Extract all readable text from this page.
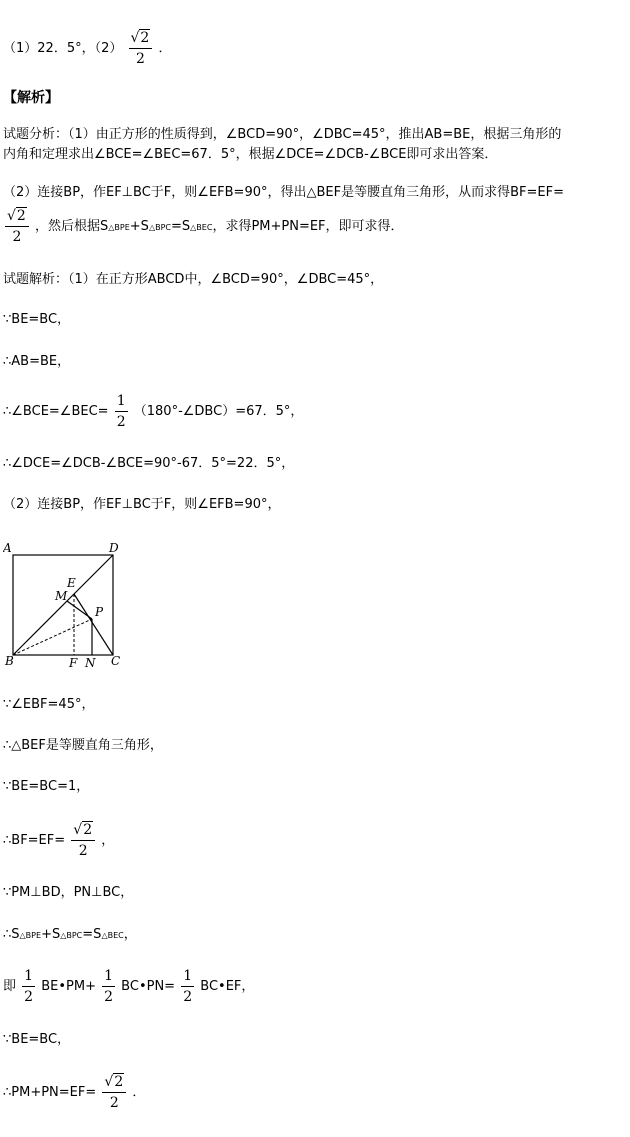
（1）22．5°，$(2) \frac{√2}{2}$ ．
【解析】
试题分析：（1）由正方形的性质得到，∠BCD=90°，∠DBC=45°，推出AB=BE，根据三角形的
内角和定理求出∠BCE=∠BEC=67．5°，根据∠DCE=∠DCB-∠BCE即可求出答案．
（2）连接BP，作EF⊥BC于F，则∠EFB=90°，得出△BEF是等腰直角三角形，从而求得BF=EF=
$\frac{√2}{2}$ ，然后根据S△BPE+S△BPC=S△BEC，求得PM+PN=EF，即可求得．
试题解析：（1）在正方形ABCD中，∠BCD=90°，∠DBC=45°，
∵BE=BC，
∴AB=BE，
∴∠BCE=∠BEC= $\frac{1}{2}$ （180°-∠DBC）=67．5°，
∴∠DCE=∠DCB-∠BCE=90°-67．5°=22．5°，
（2）连接BP，作EF⊥BC于F，则∠EFB=90°，
A	D
B	C
E
M
P
F N
∵∠EBF=45°，
∴△BEF是等腰直角三角形，
∵BE=BC=1，
∴BF=EF= $\frac{√2}{2}$ ，
∵PM⊥BD，PN⊥BC，
∴S△BPE+S△BPC=S△BEC，
即 $\frac{1}{2}$ BE•PM+ $\frac{1}{2}$ BC•PN= $\frac{1}{2}$ BC•EF，
∵BE=BC，
∴PM+PN=EF= $\frac{√2}{2}$ ．
